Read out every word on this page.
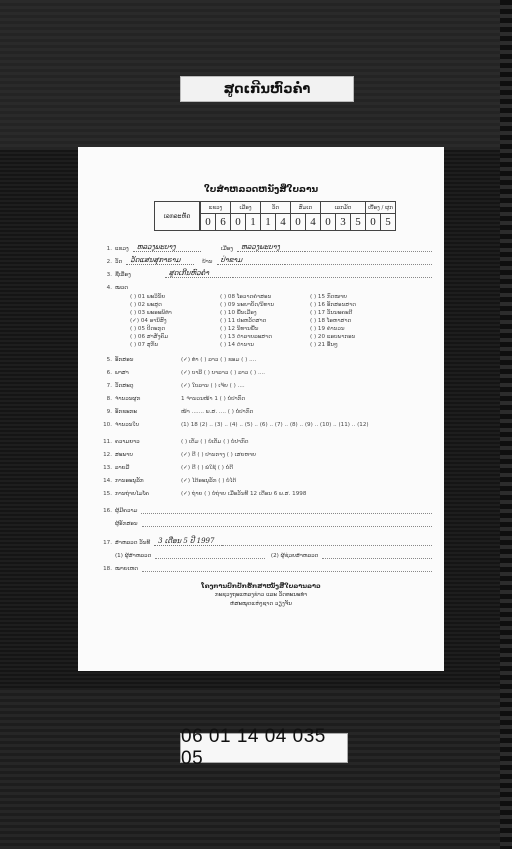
ສູດເກີນຫົວຄ່ຳ
ໃບສຳຫລວດຫນັງສືໃບລານ
ເລກລະຫັດ
ແຂວງ		ເມືອງ		ວັດ		ສົມເດ		ເລກມັດ			ເບື້ອງ / ຜູກ	
0	6	0	1	1	4	0	4	0	3	5	0	5
1. ແຂວງ	ຫລວງພະບາງ	ເມືອງ	ຫລວງພະບາງ
2. ວັດ	ວັດແສນສຸກາຣາມ	ບ້ານ	ປ່າຂາມ
3. ຊື່ເລື່ອງ	ສູດເກີນຫົວຄ່ຳ
4. ໝວດ
( ) 01 ພະວິນັຍ	( ) 08 ໂອວາດຄຳສອນ	( ) 15 ກົດໝາຍ
( ) 02 ພະສູດ	( ) 09 ນະຍາບັດ/ນິທານ	( ) 16 ອັກສອນສາດ
( ) 03 ພະອະພິທຳ	( ) 10 ພື້ນເມືອງ	( ) 17 ວັນນະຄະດີ
(✓) 04 ອານິສົງ	( ) 11 ປະຫວັດສາດ	( ) 18 ໂອຫາສາດ
( ) 05 ປິດະກຸດ	( ) 12 ນິທານພື້ນ	( ) 19 ຄຳນວນ
( ) 06 ສາສັງຄົມ	( ) 13 ດຳລາຍລະສາດ	( ) 20 ແອບພາກອນ
( ) 07 ສຸກັນ	( ) 14 ດຳນານ	( ) 21 ອື່ນໆ
5. ອັກສອນ	(✓) ທຳ ( ) ລາວ ( ) ຂອມ ( ) ....
6. ພາສາ	(✓) ບາລີ ( ) ບາລາວ ( ) ລາວ ( ) ....
7. ວັດສະດຸ	(✓) ໃບລານ ( ) ເຈ້ຍ ( ) ....
8. ຈຳນວນຜູກ	1 ຈຳນວນໜ້າ 1 ( ) ບໍ່ປາກົດ
9. ອັກຂະກະ	ໜ້າ ....... ພ.ສ. .... ( ) ບໍ່ປາກົດ
10. ຈຳນວນໃບ	(1) 18 (2) .. (3) .. (4) .. (5) .. (6) .. (7) .. (8) .. (9) .. (10) .. (11) .. (12)
11. ຄວາມຍາວ	( ) ເຕັມ ( ) ບໍ່ເຕັມ ( ) ບໍ່ປາກົດ
12. ສະພາບ	(✓) ດີ ( ) ປານກາງ ( ) ເສຍຫາຍ
13. ລາຍມື	(✓) ດີ ( ) ພໍໃຊ້ ( ) ບໍ່ດີ
14. ການອະນຸລັກ	(✓) ໄດ້ອະນຸລັກ ( ) ບໍ່ໄດ້
15. ການຖ່າຍໄມໂຄ	(✓) ຖ່າຍ ( ) ບໍ່ຖ່າຍ ເມື່ອວັນທີ 12 ເດືອນ 6 ພ.ສ. 1998
16. ຜູ້ມີຄວາມ
ຜູ້ອັກສອນ
17. ສຳຫລວດ ວັນທີ	3 ເດືອນ 5 ປີ 1997
(1) ຜູ້ສຳຫລວດ	(2) ຜູ້ຊ່ວຍສຳຫລວດ
18. ໝາຍເຫດ
ໂຄງການປົກປັກຮັກສາໜັງສືໃບລານລາວ
ກະຊວງຖະແຫລງຂ່າວ ແລະ ວັດທະນະທຳ
ຫໍສະໝຸດແຫ່ງຊາດ ວຽງຈັນ
06 01 14 04 035 05
